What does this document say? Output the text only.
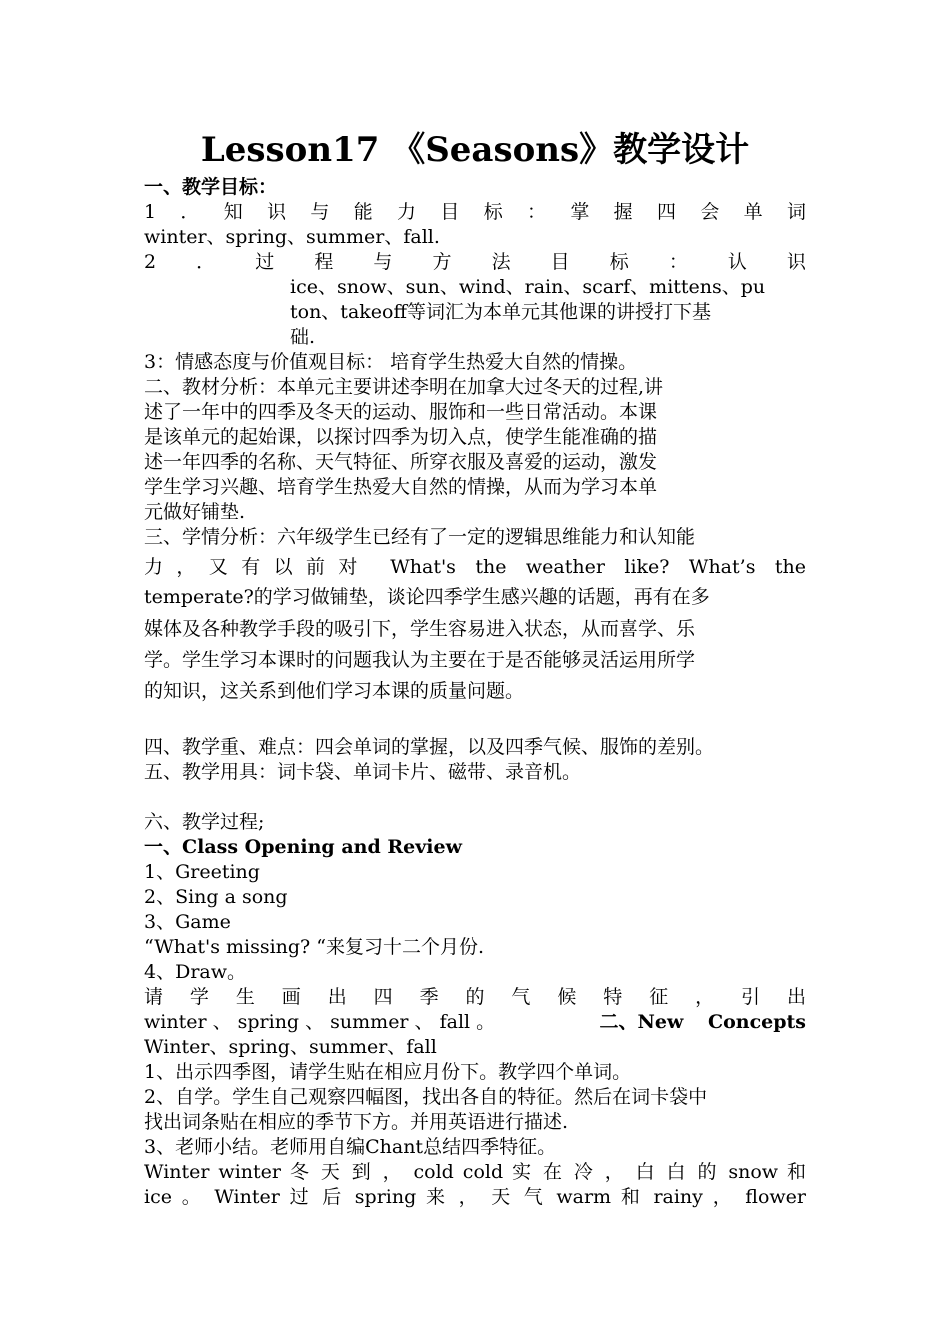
Lesson17 《Seasons》教学设计
一、教学目标：
1．知识与能力目标：掌握四会单词
winter、spring、summer、fall.
2．过程与方法目标：认识
ice、snow、sun、wind、rain、scarf、mittens、pu
ton、takeoff等词汇为本单元其他课的讲授打下基
础.
3：情感态度与价值观目标： 培育学生热爱大自然的情操。
二、教材分析：本单元主要讲述李明在加拿大过冬天的过程,讲
述了一年中的四季及冬天的运动、服饰和一些日常活动。本课
是该单元的起始课，以探讨四季为切入点，使学生能准确的描
述一年四季的名称、天气特征、所穿衣服及喜爱的运动，激发
学生学习兴趣、培育学生热爱大自然的情操，从而为学习本单
元做好铺垫.
三、学情分析：六年级学生已经有了一定的逻辑思维能力和认知能
力，又有以前对 What's the weather like? What’s the
temperate?的学习做铺垫，谈论四季学生感兴趣的话题，再有在多
媒体及各种教学手段的吸引下，学生容易进入状态，从而喜学、乐
学。学生学习本课时的问题我认为主要在于是否能够灵活运用所学
的知识，这关系到他们学习本课的质量问题。
四、教学重、难点：四会单词的掌握，以及四季气候、服饰的差别。
五、教学用具：词卡袋、单词卡片、磁带、录音机。
六、教学过程;
一、Class Opening and Review
1、Greeting
2、Sing a song
3、Game
“What's missing? “来复习十二个月份.
4、Draw。
请学生画出四季的气候特征，引出
winter 、 spring 、 summer 、 fall 。	二、New Concepts
Winter、spring、summer、fall
1、出示四季图，请学生贴在相应月份下。教学四个单词。
2、自学。学生自己观察四幅图，找出各自的特征。然后在词卡袋中
找出词条贴在相应的季节下方。并用英语进行描述.
3、老师小结。老师用自编Chant总结四季特征。
Winter winter 冬 天 到 ， cold cold 实 在 冷 ， 白 白 的 snow 和
ice 。 Winter 过 后 spring 来 ， 天 气 warm 和 rainy ， flower
